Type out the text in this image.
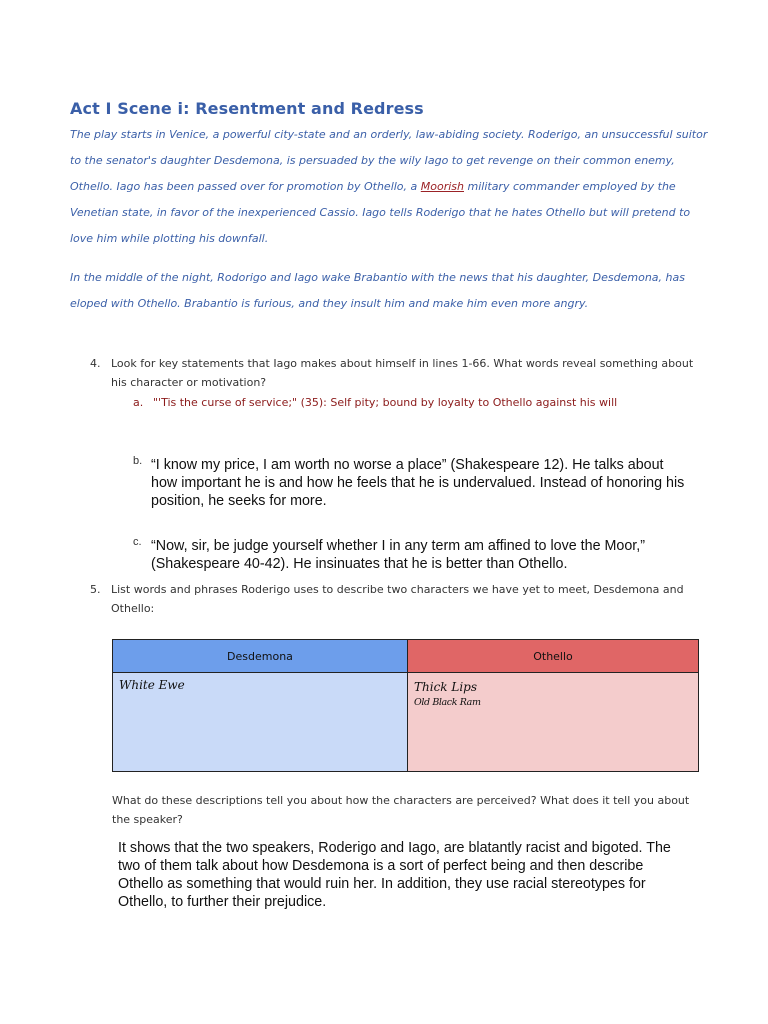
Act I Scene i: Resentment and Redress
The play starts in Venice, a powerful city-state and an orderly, law-abiding society. Roderigo, an unsuccessful suitor to the senator's daughter Desdemona, is persuaded by the wily Iago to get revenge on their common enemy, Othello. Iago has been passed over for promotion by Othello, a Moorish military commander employed by the Venetian state, in favor of the inexperienced Cassio. Iago tells Roderigo that he hates Othello but will pretend to love him while plotting his downfall.
In the middle of the night, Rodorigo and Iago wake Brabantio with the news that his daughter, Desdemona, has eloped with Othello. Brabantio is furious, and they insult him and make him even more angry.
4. Look for key statements that Iago makes about himself in lines 1-66. What words reveal something about his character or motivation?
a. "'Tis the curse of service;" (35): Self pity; bound by loyalty to Othello against his will
b. “I know my price, I am worth no worse a place” (Shakespeare 12). He talks about how important he is and how he feels that he is undervalued. Instead of honoring his position, he seeks for more.
c. “Now, sir, be judge yourself whether I in any term am affined to love the Moor,” (Shakespeare 40-42). He insinuates that he is better than Othello.
5. List words and phrases Roderigo uses to describe two characters we have yet to meet, Desdemona and Othello:
Desdemona	Othello

White Ewe	Thick Lips
Old Black Ram
What do these descriptions tell you about how the characters are perceived? What does it tell you about the speaker?
It shows that the two speakers, Roderigo and Iago, are blatantly racist and bigoted. The two of them talk about how Desdemona is a sort of perfect being and then describe Othello as something that would ruin her. In addition, they use racial stereotypes for Othello, to further their prejudice.
